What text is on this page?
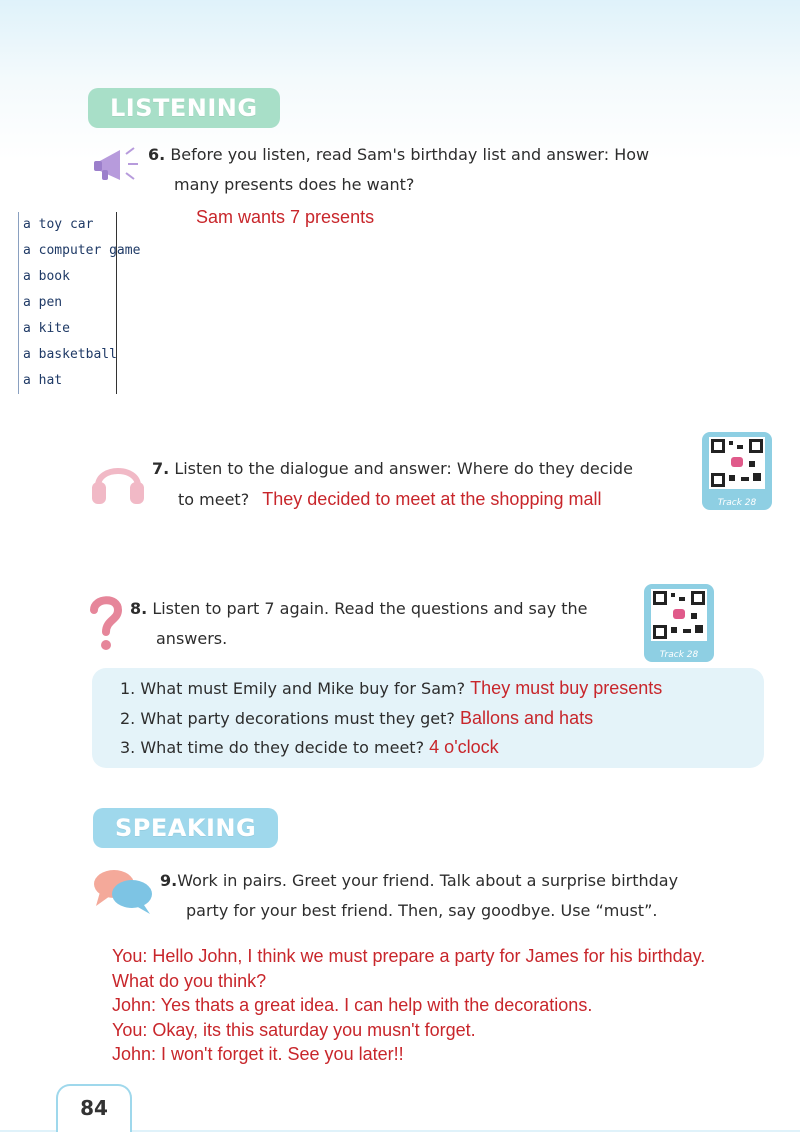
LISTENING
6. Before you listen, read Sam's birthday list and answer: How
many presents does he want?
Sam wants 7 presents
a toy car
a computer game
a book
a pen
a kite
a basketball
a hat
7. Listen to the dialogue and answer: Where do they decide
to meet? They decided to meet at the shopping mall	Track 28
8. Listen to part 7 again. Read the questions and say the
answers.
Track 28
1. What must Emily and Mike buy for Sam? They must buy presents
2. What party decorations must they get? Ballons and hats
3. What time do they decide to meet? 4 o'clock
SPEAKING
9.Work in pairs. Greet your friend. Talk about a surprise birthday
party for your best friend. Then, say goodbye. Use “must”.
You: Hello John, I think we must prepare a party for James for his birthday.
What do you think?
John: Yes thats a great idea. I can help with the decorations.
You: Okay, its this saturday you musn't forget.
John: I won't forget it. See you later!!
84
